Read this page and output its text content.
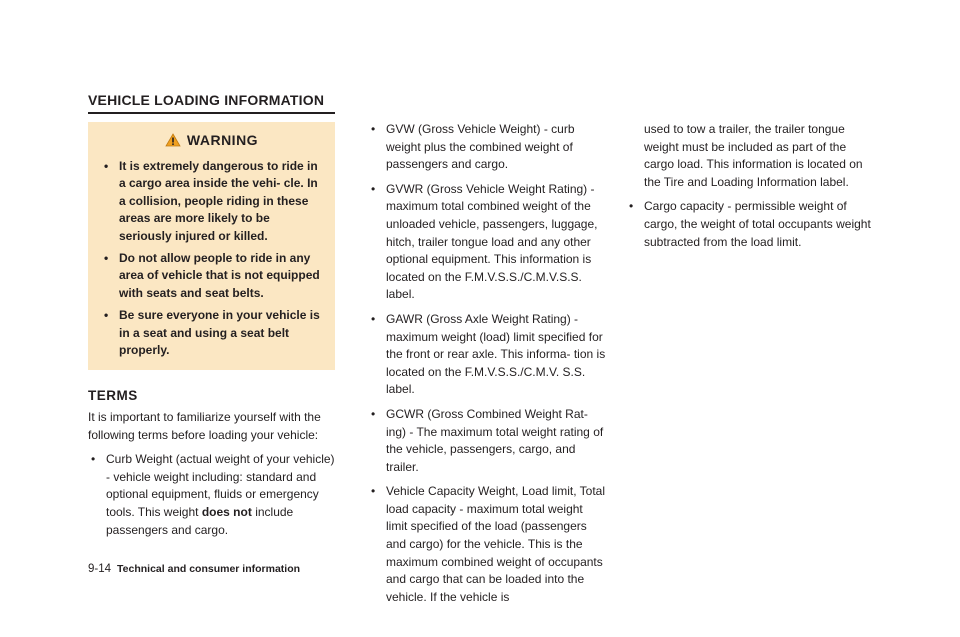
VEHICLE LOADING INFORMATION
WARNING
• It is extremely dangerous to ride in a cargo area inside the vehi- cle. In a collision, people riding in these areas are more likely to be seriously injured or killed.
• Do not allow people to ride in any area of vehicle that is not equipped with seats and seat belts.
• Be sure everyone in your vehicle is in a seat and using a seat belt properly.
TERMS

It is important to familiarize yourself with the following terms before loading your vehicle:

• Curb Weight (actual weight of your vehicle) - vehicle weight including: standard and optional equipment, fluids or emergency tools. This weight does not include passengers and cargo.
• GVW (Gross Vehicle Weight) - curb weight plus the combined weight of passengers and cargo.
• GVWR (Gross Vehicle Weight Rating) - maximum total combined weight of the unloaded vehicle, passengers, luggage, hitch, trailer tongue load and any other optional equipment. This information is located on the F.M.V.S.S./C.M.V.S.S. label.
• GAWR (Gross Axle Weight Rating) - maximum weight (load) limit specified for the front or rear axle. This informa- tion is located on the F.M.V.S.S./C.M.V. S.S. label.
• GCWR (Gross Combined Weight Rat- ing) - The maximum total weight rating of the vehicle, passengers, cargo, and trailer.
• Vehicle Capacity Weight, Load limit, Total load capacity - maximum total weight limit specified of the load (passengers and cargo) for the vehicle. This is the maximum combined weight of occupants and cargo that can be loaded into the vehicle. If the vehicle is

used to tow a trailer, the trailer tongue weight must be included as part of the cargo load. This information is located on the Tire and Loading Information label.

• Cargo capacity - permissible weight of cargo, the weight of total occupants weight subtracted from the load limit.
9-14 Technical and consumer information
